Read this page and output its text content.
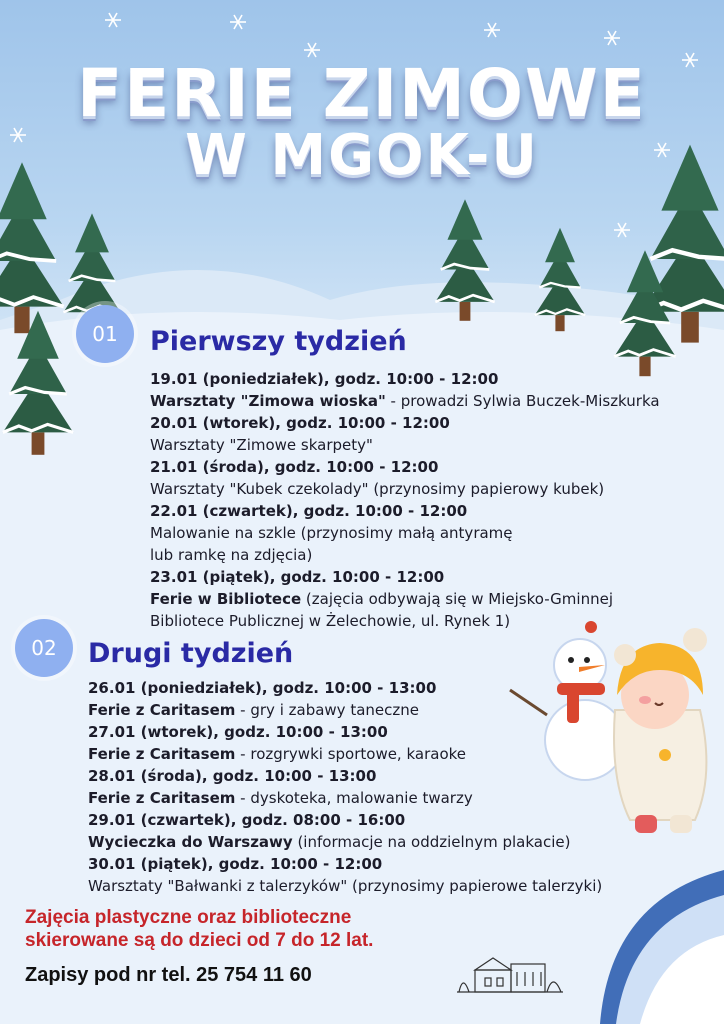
FERIE ZIMOWE
W MGOK-U
01	Pierwszy tydzień
19.01 (poniedziałek), godz. 10:00 - 12:00
Warsztaty "Zimowa wioska" - prowadzi Sylwia Buczek-Miszkurka
20.01 (wtorek), godz. 10:00 - 12:00
Warsztaty "Zimowe skarpety"
21.01 (środa), godz. 10:00 - 12:00
Warsztaty "Kubek czekolady" (przynosimy papierowy kubek)
22.01 (czwartek), godz. 10:00 - 12:00
Malowanie na szkle (przynosimy małą antyramę
lub ramkę na zdjęcia)
23.01 (piątek), godz. 10:00 - 12:00
Ferie w Bibliotece (zajęcia odbywają się w Miejsko-Gminnej
Bibliotece Publicznej w Żelechowie, ul. Rynek 1)
02	Drugi tydzień
26.01 (poniedziałek), godz. 10:00 - 13:00
Ferie z Caritasem - gry i zabawy taneczne
27.01 (wtorek), godz. 10:00 - 13:00
Ferie z Caritasem - rozgrywki sportowe, karaoke
28.01 (środa), godz. 10:00 - 13:00
Ferie z Caritasem - dyskoteka, malowanie twarzy
29.01 (czwartek), godz. 08:00 - 16:00
Wycieczka do Warszawy (informacje na oddzielnym plakacie)
30.01 (piątek), godz. 10:00 - 12:00
Warsztaty "Bałwanki z talerzyków" (przynosimy papierowe talerzyki)

Zajęcia plastyczne oraz biblioteczne
skierowane są do dzieci od 7 do 12 lat.

Zapisy pod nr tel. 25 754 11 60
